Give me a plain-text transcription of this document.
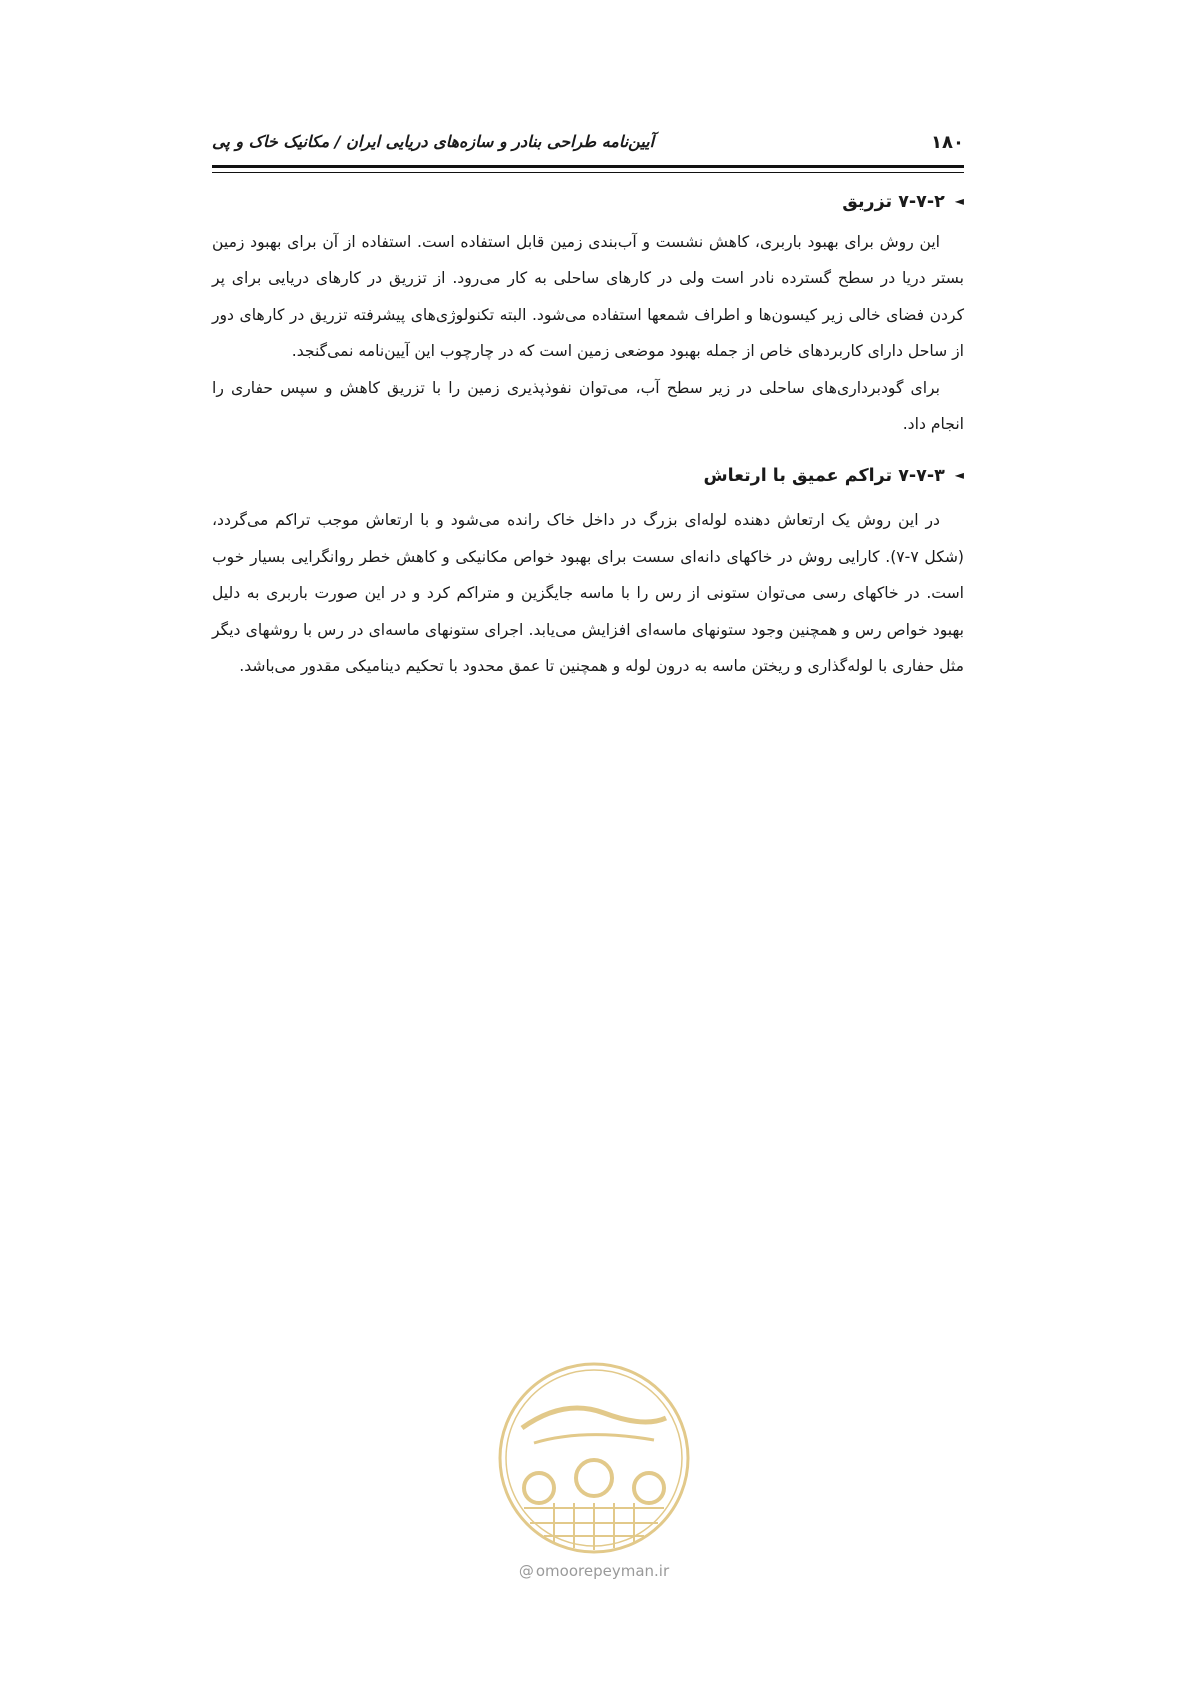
۱۸۰
آیین‌نامه طراحی بنادر و سازه‌های دریایی ایران / مکانیک خاک و پی
◄۷-۷-۲ تزریق

این روش برای بهبود باربری، کاهش نشست و آب‌بندی زمین قابل استفاده است. استفاده از آن برای بهبود زمین بستر دریا در سطح گسترده نادر است ولی در کارهای ساحلی به کار می‌رود. از تزریق در کارهای دریایی برای پر کردن فضای خالی زیر کیسون‌ها و اطراف شمعها استفاده می‌شود. البته تکنولوژی‌های پیشرفته تزریق در کارهای دور از ساحل دارای کاربردهای خاص از جمله بهبود موضعی زمین است که در چارچوب این آیین‌نامه نمی‌گنجد.

برای گودبرداری‌های ساحلی در زیر سطح آب، می‌توان نفوذپذیری زمین را با تزریق کاهش و سپس حفاری را انجام داد.

◄۷-۷-۳ تراکم عمیق با ارتعاش

در این روش یک ارتعاش دهنده لوله‌ای بزرگ در داخل خاک رانده می‌شود و با ارتعاش موجب تراکم می‌گردد، (شکل ۷-۷). کارایی روش در خاکهای دانه‌ای سست برای بهبود خواص مکانیکی و کاهش خطر روانگرایی بسیار خوب است. در خاکهای رسی می‌توان ستونی از رس را با ماسه جایگزین و متراکم کرد و در این صورت باربری به دلیل بهبود خواص رس و همچنین وجود ستونهای ماسه‌ای افزایش می‌یابد. اجرای ستونهای ماسه‌ای در رس با روشهای دیگر مثل حفاری با لوله‌گذاری و ریختن ماسه به درون لوله و همچنین تا عمق محدود با تحکیم دینامیکی مقدور می‌باشد.

@ omoorepeyman.ir
